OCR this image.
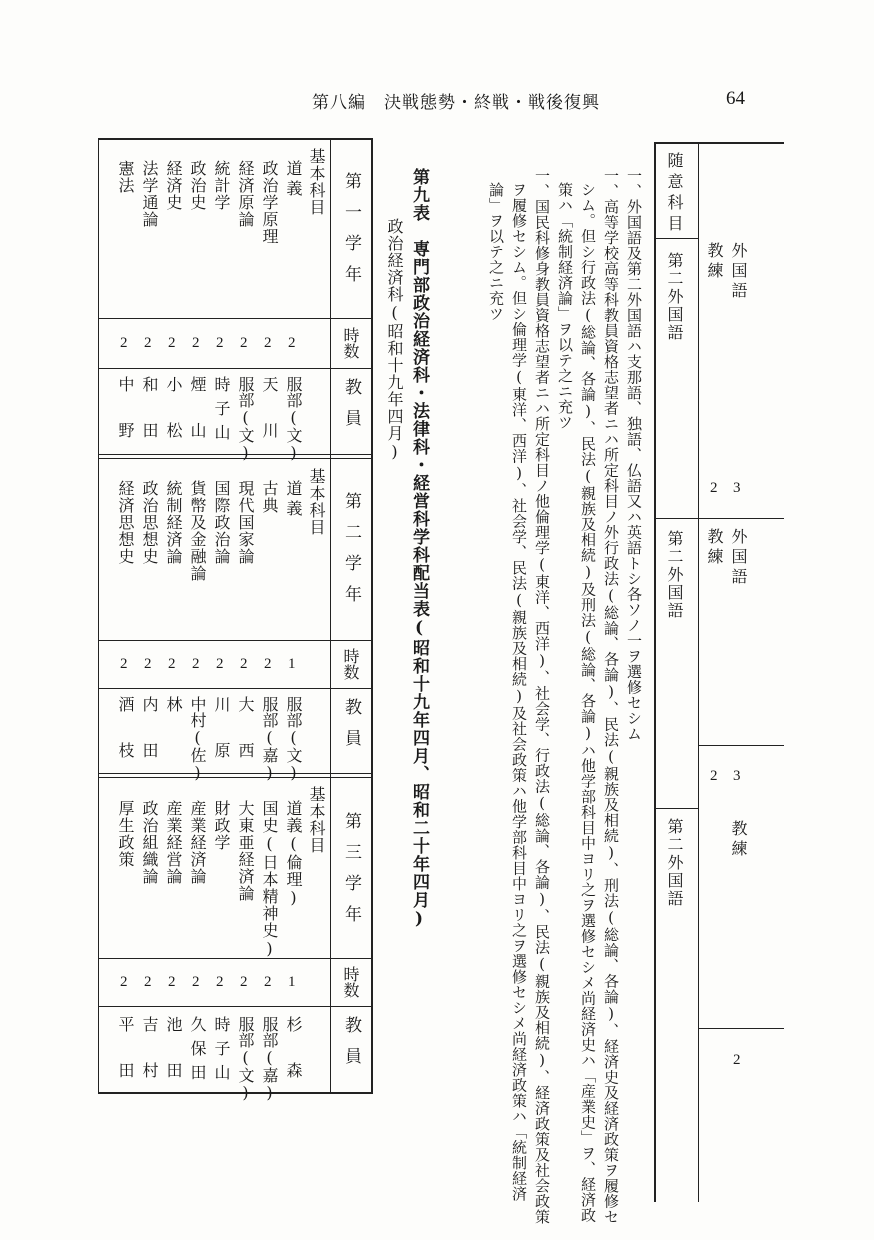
第八編　決戦態勢・終戦・戦後復興	64
随意科目
第二外国語
第二外国語
第二外国語
外国語
教練
外国語
教練
教練
2 3
2 3
2
一、外国語及第二外国語ハ支那語、独語、仏語又ハ英語トシ各ソノ一ヲ選修セシム
一、高等学校高等科教員資格志望者ニハ所定科目ノ外行政法(総論、各論)、民法(親族及相続)、刑法(総論、各論)、経済史及経済政策ヲ履修セ
シム。但シ行政法(総論、各論)、民法(親族及相続)及刑法(総論、各論)ハ他学部科目中ヨリ之ヲ選修セシメ尚経済史ハ「産業史」ヲ、経済政
策ハ「統制経済論」ヲ以テ之ニ充ツ
一、国民科修身教員資格志望者ニハ所定科目ノ他倫理学(東洋、西洋)、社会学、行政法(総論、各論)、民法(親族及相続)、経済政策及社会政策
ヲ履修セシム。但シ倫理学(東洋、西洋)、社会学、民法(親族及相続)及社会政策ハ他学部科目中ヨリ之ヲ選修セシメ尚経済政策ハ「統制経済
論」ヲ以テ之ニ充ツ
第九表　専門部政治経済科・法律科・経営科学科配当表(昭和十九年四月、昭和二十年四月)
政治経済科(昭和十九年四月)
第一学年
時数
教員
基本科目
道義
政治学原理
経済原論
統計学
政治史
経済史
法学通論
憲法
2
2
2
2
2
2
2
2
服部(文)
天川
服部(文)
時子山
煙山
小松
和田
中野
第二学年
時数
教員
基本科目
道義
古典
現代国家論
国際政治論
貨幣及金融論
統制経済論
政治思想史
経済思想史
1
2
2
2
2
2
2
2
服部(文)
服部(嘉)
大西
川原
中村(佐)
林
内田
酒枝
第三学年
時数
教員
基本科目
道義(倫理)
国史(日本精神史)
大東亜経済論
財政学
産業経済論
産業経営論
政治組織論
厚生政策
1
2
2
2
2
2
2
2
杉森
服部(嘉)
服部(文)
時子山
久保田
池田
吉村
平田
